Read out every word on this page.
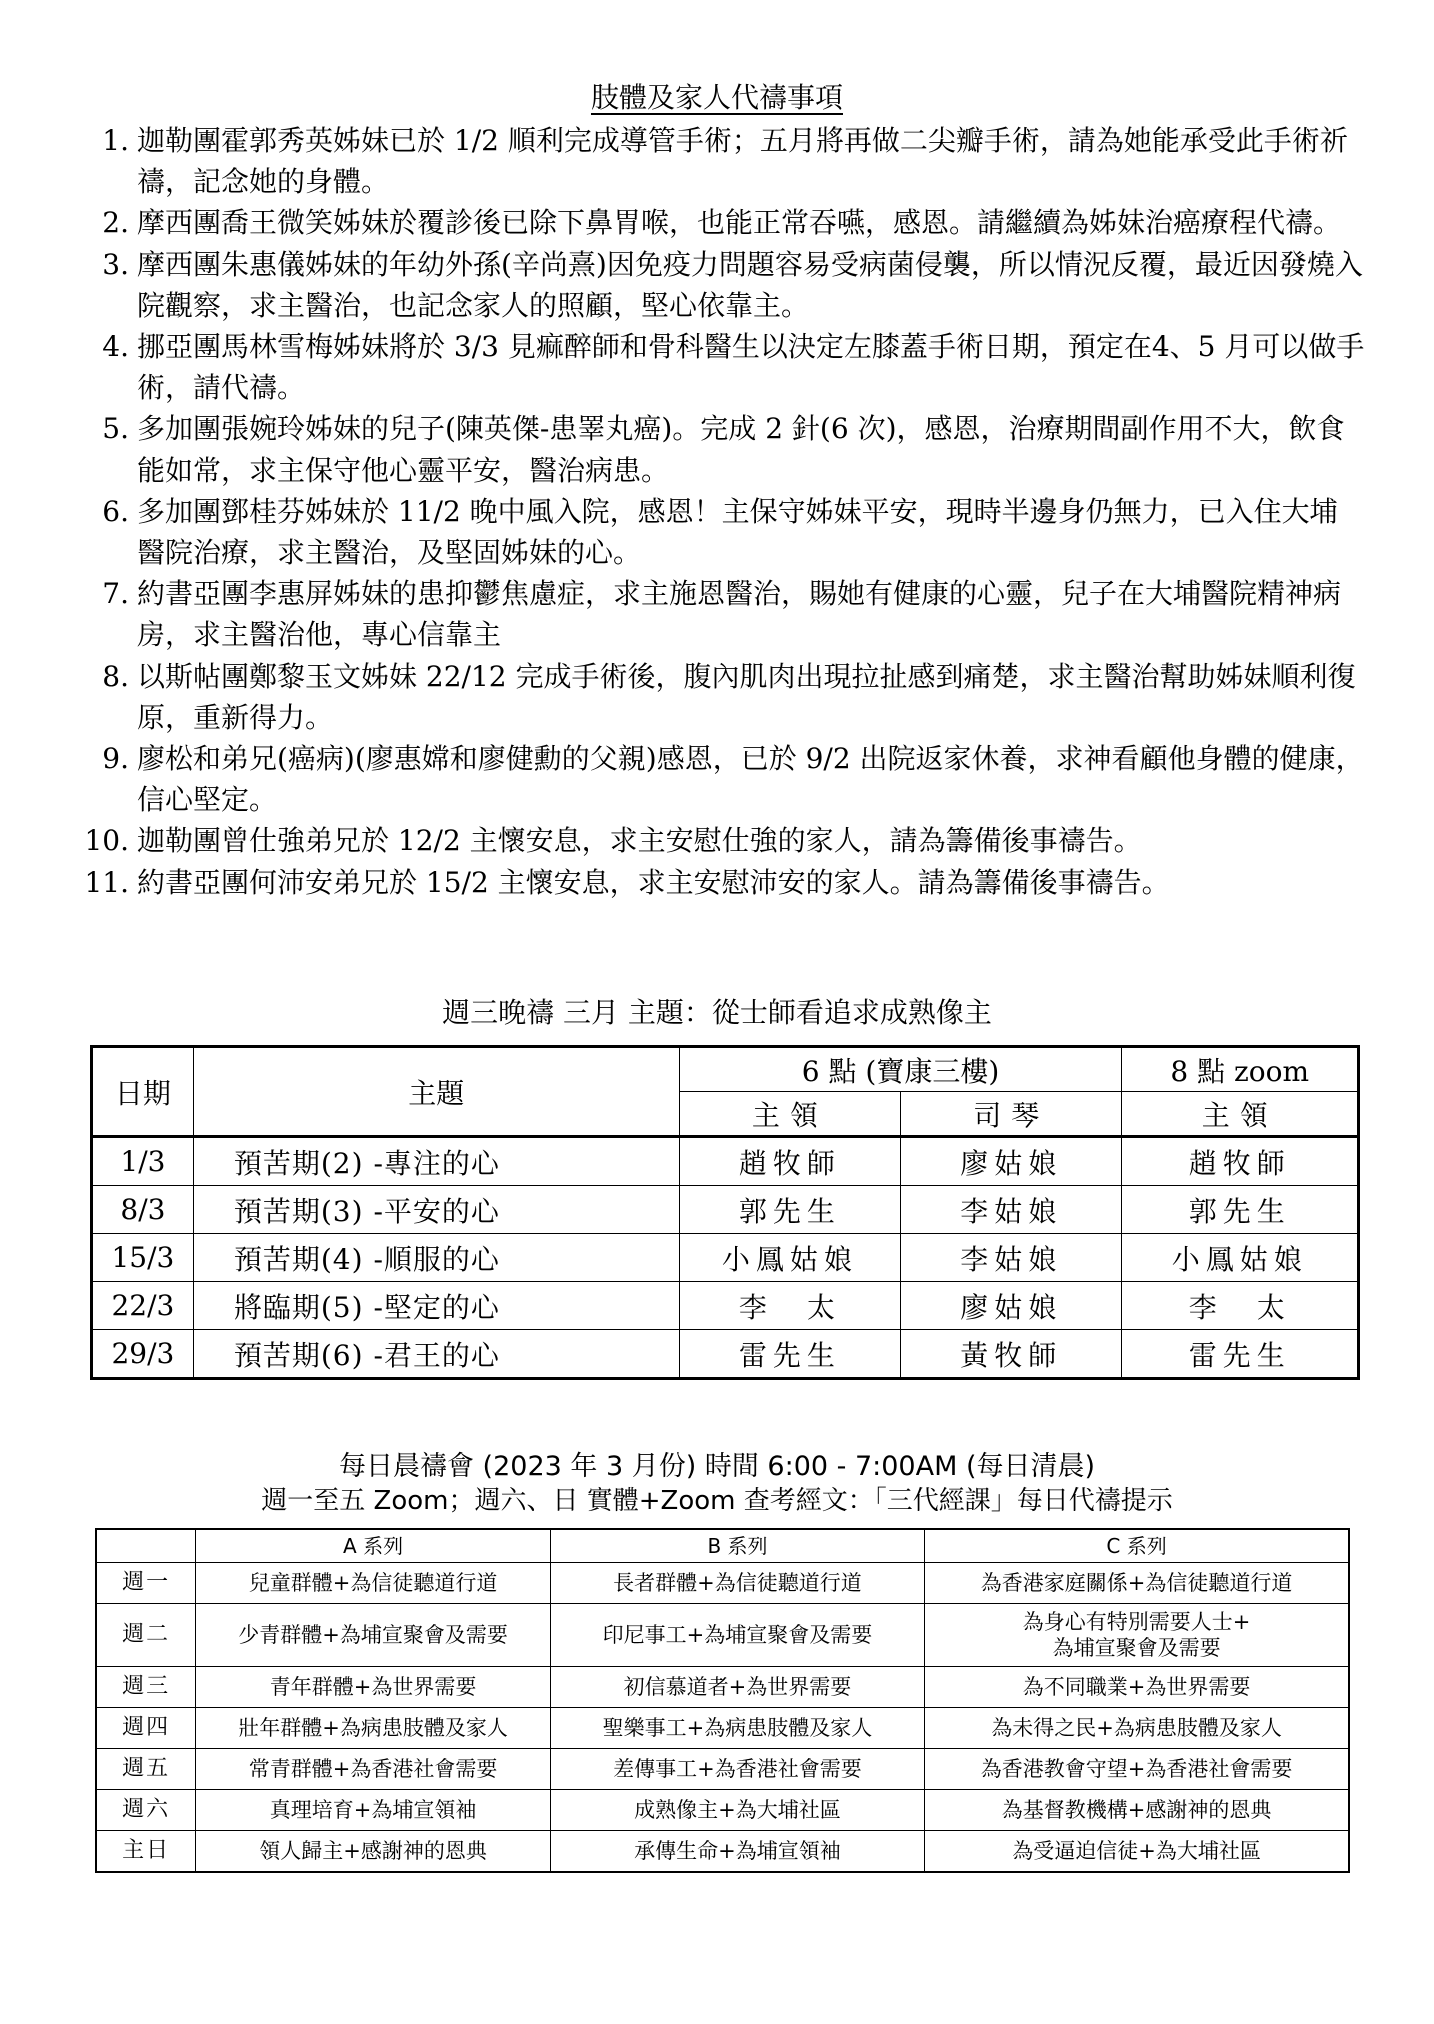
肢體及家人代禱事項
1. 迦勒團霍郭秀英姊妹已於 1/2 順利完成導管手術；五月將再做二尖瓣手術，請為她能承受此手術祈禱，記念她的身體。
2. 摩西團喬王微笑姊妹於覆診後已除下鼻胃喉，也能正常吞嚥，感恩。請繼續為姊妹治癌療程代禱。
3. 摩西團朱惠儀姊妹的年幼外孫(辛尚熹)因免疫力問題容易受病菌侵襲，所以情況反覆，最近因發燒入院觀察，求主醫治，也記念家人的照顧，堅心依靠主。
4. 挪亞團馬林雪梅姊妹將於 3/3 見痲醉師和骨科醫生以決定左膝蓋手術日期，預定在4、5 月可以做手術，請代禱。
5. 多加團張婉玲姊妹的兒子(陳英傑-患睪丸癌)。完成 2 針(6 次)，感恩，治療期間副作用不大，飲食能如常，求主保守他心靈平安，醫治病患。
6. 多加團鄧桂芬姊妹於 11/2 晚中風入院，感恩！主保守姊妹平安，現時半邊身仍無力，已入住大埔醫院治療，求主醫治，及堅固姊妹的心。
7. 約書亞團李惠屏姊妹的患抑鬱焦慮症，求主施恩醫治，賜她有健康的心靈，兒子在大埔醫院精神病房，求主醫治他，專心信靠主
8. 以斯帖團鄭黎玉文姊妹 22/12 完成手術後，腹內肌肉出現拉扯感到痛楚，求主醫治幫助姊妹順利復原，重新得力。
9. 廖松和弟兄(癌病)(廖惠嫦和廖健勳的父親)感恩，已於 9/2 出院返家休養，求神看顧他身體的健康，信心堅定。
10. 迦勒團曾仕強弟兄於 12/2 主懷安息，求主安慰仕強的家人，請為籌備後事禱告。
11. 約書亞團何沛安弟兄於 15/2 主懷安息，求主安慰沛安的家人。請為籌備後事禱告。
週三晚禱 三月 主題：從士師看追求成熟像主
日期	主題	6 點 (寶康三樓)		8 點 zoom
		主領	司琴	主領
1/3	預苦期(2) -專注的心	趙牧師	廖姑娘	趙牧師
8/3	預苦期(3) -平安的心	郭先生	李姑娘	郭先生
15/3	預苦期(4) -順服的心	小鳳姑娘	李姑娘	小鳳姑娘
22/3	將臨期(5) -堅定的心	李　太	廖姑娘	李　太
29/3	預苦期(6) -君王的心	雷先生	黃牧師	雷先生
每日晨禱會 (2023 年 3 月份) 時間 6:00 - 7:00AM (每日清晨)
週一至五 Zoom；週六、日 實體+Zoom 查考經文：「三代經課」每日代禱提示
	A 系列	B 系列	C 系列
週一	兒童群體+為信徒聽道行道	長者群體+為信徒聽道行道	為香港家庭關係+為信徒聽道行道

週二	少青群體+為埔宣聚會及需要	印尼事工+為埔宣聚會及需要	為身心有特別需要人士+
為埔宣聚會及需要

週三	青年群體+為世界需要	初信慕道者+為世界需要	為不同職業+為世界需要

週四	壯年群體+為病患肢體及家人	聖樂事工+為病患肢體及家人	為未得之民+為病患肢體及家人

週五	常青群體+為香港社會需要	差傳事工+為香港社會需要	為香港教會守望+為香港社會需要

週六	真理培育+為埔宣領袖	成熟像主+為大埔社區	為基督教機構+感謝神的恩典

主日	領人歸主+感謝神的恩典	承傳生命+為埔宣領袖	為受逼迫信徒+為大埔社區
